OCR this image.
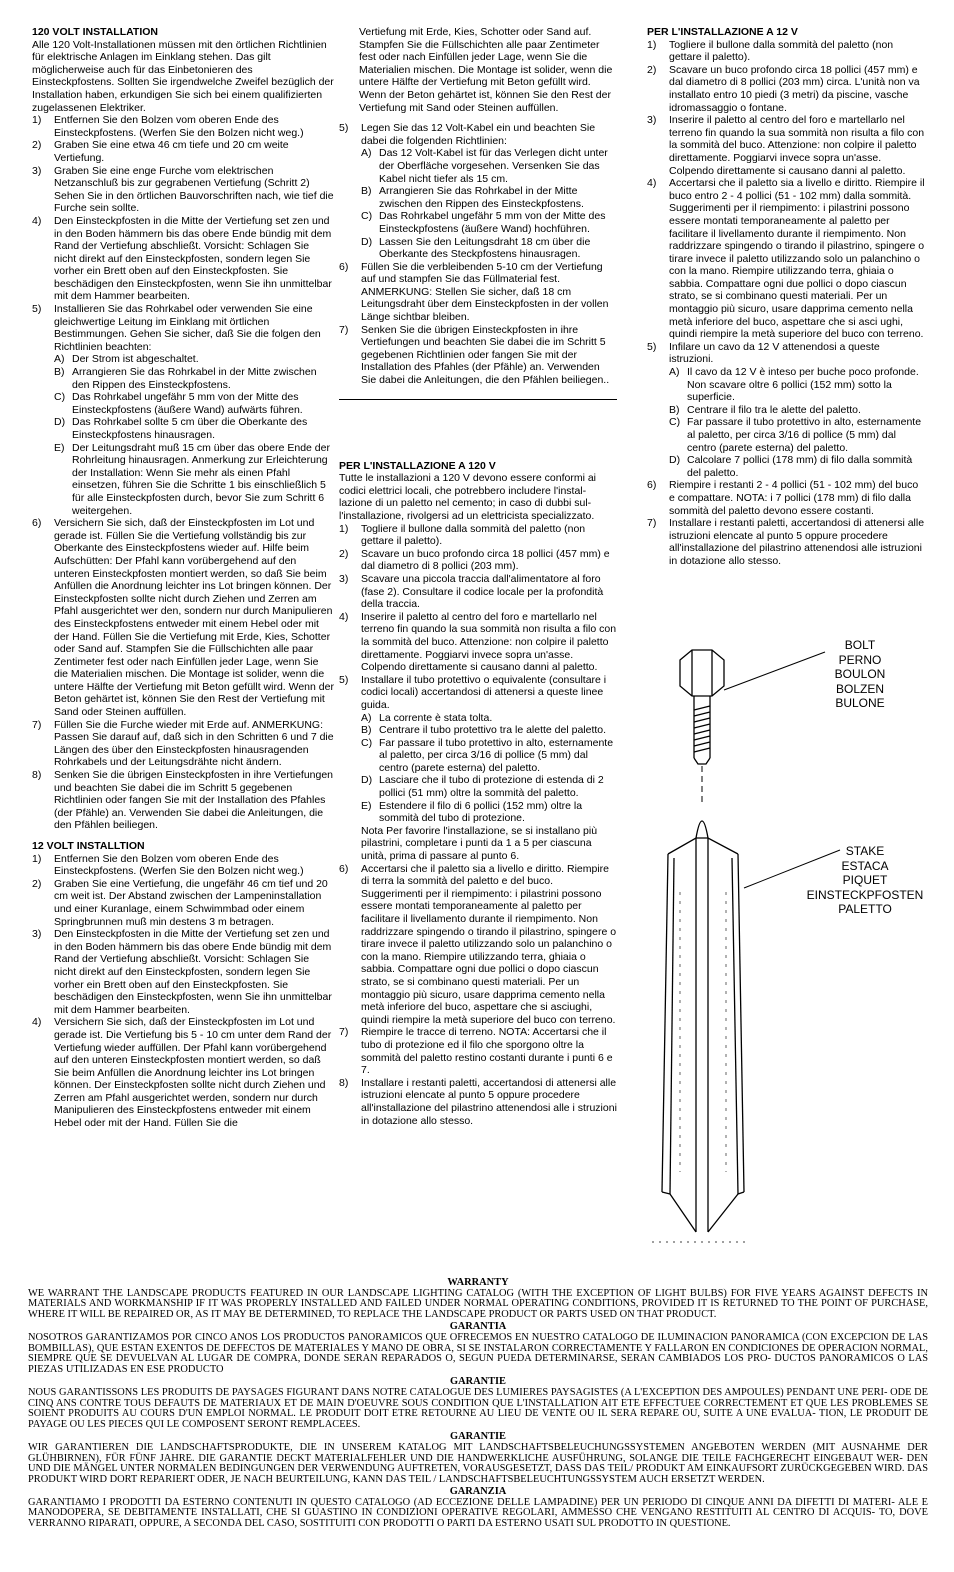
120 VOLT INSTALLATION

Alle 120 Volt-Installationen müssen mit den örtlichen Richtlinien für elektrische Anlagen im Einklang stehen. Das gilt möglicherweise auch für das Einbetonieren des Einsteckpfostens. Sollten Sie irgendwelche Zweifel bezüglich der Installation haben, erkundigen Sie sich bei einem qualifizierten zugelassenen Elektriker.

1)	Entfernen Sie den Bolzen vom oberen Ende des Einsteckpfostens. (Werfen Sie den Bolzen nicht weg.)
2)	Graben Sie eine etwa 46 cm tiefe und 20 cm weite Vertiefung.
3)	Graben Sie eine enge Furche vom elektrischen Netzanschluß bis zur gegrabenen Vertiefung (Schritt 2) Sehen Sie in den örtlichen Bauvorschriften nach, wie tief die Furche sein sollte.
4)	Den Einsteckpfosten in die Mitte der Vertiefung set zen und in den Boden hämmern bis das obere Ende bündig mit dem Rand der Vertiefung abschließt. Vorsicht: Schlagen Sie nicht direkt auf den Einsteckpfosten, sondern legen Sie vorher ein Brett oben auf den Einsteckpfosten. Sie beschädigen den Einsteckpfosten, wenn Sie ihn unmittelbar mit dem Hammer bearbeiten.
5)	Installieren Sie das Rohrkabel oder verwenden Sie eine gleichwertige Leitung im Einklang mit örtlichen Bestimmungen. Gehen Sie sicher, daß Sie die folgen den Richtlinien beachten:
A) Der Strom ist abgeschaltet.
B) Arrangieren Sie das Rohrkabel in der Mitte zwischen den Rippen des Einsteckpfostens.
C) Das Rohrkabel ungefähr 5 mm von der Mitte des Einsteckpfostens (äußere Wand) aufwärts führen.
D) Das Rohrkabel sollte 5 cm über die Oberkante des Einsteckpfostens hinausragen.
E) Der Leitungsdraht muß 15 cm über das obere Ende der Rohrleitung hinausragen. Anmerkung zur Erleichterung der Installation: Wenn Sie mehr als einen Pfahl einsetzen, führen Sie die Schritte 1 bis einschließlich 5 für alle Einsteckpfosten durch, bevor Sie zum Schritt 6 weitergehen.
6)	Versichern Sie sich, daß der Einsteckpfosten im Lot und gerade ist. Füllen Sie die Vertiefung vollständig bis zur Oberkante des Einsteckpfostens wieder auf. Hilfe beim Aufschütten: Der Pfahl kann vorübergehend auf den unteren Einsteckpfosten montiert werden, so daß Sie beim Anfüllen die Anordnung leichter ins Lot bringen können. Der Einsteckpfosten sollte nicht durch Ziehen und Zerren am Pfahl ausgerichtet wer den, sondern nur durch Manipulieren des Einsteckpfostens entweder mit einem Hebel oder mit der Hand. Füllen Sie die Vertiefung mit Erde, Kies, Schotter oder Sand auf. Stampfen Sie die Füllschichten alle paar Zentimeter fest oder nach Einfüllen jeder Lage, wenn Sie die Materialien mischen. Die Montage ist solider, wenn die untere Hälfte der Vertiefung mit Beton gefüllt wird. Wenn der Beton gehärtet ist, können Sie den Rest der Vertiefung mit Sand oder Steinen auffüllen.
7)	Füllen Sie die Furche wieder mit Erde auf. ANMERKUNG: Passen Sie darauf auf, daß sich in den Schritten 6 und 7 die Längen des über den Einsteckpfosten hinausragenden Rohrkabels und der Leitungsdrähte nicht ändern.
8)	Senken Sie die übrigen Einsteckpfosten in ihre Vertiefungen und beachten Sie dabei die im Schritt 5 gegebenen Richtlinien oder fangen Sie mit der Installation des Pfahles (der Pfähle) an. Verwenden Sie dabei die Anleitungen, die den Pfählen beiliegen.

12 VOLT INSTALLTION

1)	Entfernen Sie den Bolzen vom oberen Ende des Einsteckpfostens. (Werfen Sie den Bolzen nicht weg.)
2)	Graben Sie eine Vertiefung, die ungefähr 46 cm tief und 20 cm weit ist. Der Abstand zwischen der Lampeninstallation und einer Kuranlage, einem Schwimmbad oder einem Springbrunnen muß min destens 3 m betragen.
3)	Den Einsteckpfosten in die Mitte der Vertiefung set zen und in den Boden hämmern bis das obere Ende bündig mit dem Rand der Vertiefung abschließt. Vorsicht: Schlagen Sie nicht direkt auf den Einsteckpfosten, sondern legen Sie vorher ein Brett oben auf den Einsteckpfosten. Sie beschädigen den Einsteckpfosten, wenn Sie ihn unmittelbar mit dem Hammer bearbeiten.
4)	Versichern Sie sich, daß der Einsteckpfosten im Lot und gerade ist. Die Vertiefung bis 5 - 10 cm unter dem Rand der Vertiefung wieder auffüllen. Der Pfahl kann vorübergehend auf den unteren Einsteckpfosten montiert werden, so daß Sie beim Anfüllen die Anordnung leichter ins Lot bringen können. Der Einsteckpfosten sollte nicht durch Ziehen und Zerren am Pfahl ausgerichtet werden, sondern nur durch Manipulieren des Einsteckpfostens entweder mit einem Hebel oder mit der Hand. Füllen Sie die

Vertiefung mit Erde, Kies, Schotter oder Sand auf. Stampfen Sie die Füllschichten alle paar Zentimeter fest oder nach Einfüllen jeder Lage, wenn Sie die Materialien mischen. Die Montage ist solider, wenn die untere Hälfte der Vertiefung mit Beton gefüllt wird. Wenn der Beton gehärtet ist, können Sie den Rest der Vertiefung mit Sand oder Steinen auffüllen.

5)	Legen Sie das 12 Volt-Kabel ein und beachten Sie dabei die folgenden Richtlinien:
A) Das 12 Volt-Kabel ist für das Verlegen dicht unter der Oberfläche vorgesehen. Versenken Sie das Kabel nicht tiefer als 15 cm.
B) Arrangieren Sie das Rohrkabel in der Mitte zwischen den Rippen des Einsteckpfostens.
C) Das Rohrkabel ungefähr 5 mm von der Mitte des Einsteckpfostens (äußere Wand) hochführen.
D) Lassen Sie den Leitungsdraht 18 cm über die Oberkante des Steckpfostens hinausragen.
6)	Füllen Sie die verbleibenden 5-10 cm der Vertiefung auf und stampfen Sie das Füllmaterial fest. ANMERKUNG: Stellen Sie sicher, daß 18 cm Leitungsdraht über dem Einsteckpfosten in der vollen Länge sichtbar bleiben.
7)	Senken Sie die übrigen Einsteckpfosten in ihre Vertiefungen und beachten Sie dabei die im Schritt 5 gegebenen Richtlinien oder fangen Sie mit der Installation des Pfahles (der Pfähle) an. Verwenden Sie dabei die Anleitungen, die den Pfählen beiliegen..

PER L'INSTALLAZIONE A 120 V

Tutte le installazioni a 120 V devono essere conformi ai codici elettrici locali, che potrebbero includere l'instal- lazione di un paletto nel cemento; in caso di dubbi sul- l'installazione, rivolgersi ad un elettricista specializzato.

1)	Togliere il bullone dalla sommità del paletto (non gettare il paletto).
2)	Scavare un buco profondo circa 18 pollici (457 mm) e dal diametro di 8 pollici (203 mm).
3)	Scavare una piccola traccia dall'alimentatore al foro (fase 2). Consultare il codice locale per la profondità della traccia.
4)	Inserire il paletto al centro del foro e martellarlo nel terreno fin quando la sua sommità non risulta a filo con la sommità del buco. Attenzione: non colpire il paletto direttamente. Poggiarvi invece sopra un'asse. Colpendo direttamente si causano danni al paletto.
5)	Installare il tubo protettivo o equivalente (consultare i codici locali) accertandosi di attenersi a queste linee guida.
A) La corrente è stata tolta.
B) Centrare il tubo protettivo tra le alette del paletto.
C) Far passare il tubo protettivo in alto, esternamente al paletto, per circa 3/16 di pollice (5 mm) dal centro (parete esterna) del paletto.
D) Lasciare che il tubo di protezione di estenda di 2 pollici (51 mm) oltre la sommità del paletto.
E) Estendere il filo di 6 pollici (152 mm) oltre la sommità del tubo di protezione.

Nota Per favorire l'installazione, se si installano più pilastrini, completare i punti da 1 a 5 per ciascuna unità, prima di passare al punto 6.

6)	Accertarsi che il paletto sia a livello e diritto. Riempire di terra la sommità del paletto e del buco. Suggerimenti per il riempimento: i pilastrini possono essere montati temporaneamente al paletto per facilitare il livellamento durante il riempimento. Non raddrizzare spingendo o tirando il pilastrino, spingere o tirare invece il paletto utilizzando solo un palanchino o con la mano. Riempire utilizzando terra, ghiaia o sabbia. Compattare ogni due pollici o dopo ciascun strato, se si combinano questi materiali. Per un montaggio più sicuro, usare dapprima cemento nella metà inferiore del buco, aspettare che si asciughi, quindi riempire la metà superiore del buco con terreno.
7)	Riempire le tracce di terreno. NOTA: Accertarsi che il tubo di protezione ed il filo che sporgono oltre la sommità del paletto restino costanti durante i punti 6 e 7.
8)	Installare i restanti paletti, accertandosi di attenersi alle istruzioni elencate al punto 5 oppure procedere all'installazione del pilastrino attenendosi alle i struzioni in dotazione allo stesso.

PER L'INSTALLAZIONE A 12 V

1)	Togliere il bullone dalla sommità del paletto (non gettare il paletto).
2)	Scavare un buco profondo circa 18 pollici (457 mm) e dal diametro di 8 pollici (203 mm) circa. L'unità non va installato entro 10 piedi (3 metri) da piscine, vasche idromassaggio o fontane.
3)	Inserire il paletto al centro del foro e martellarlo nel terreno fin quando la sua sommità non risulta a filo con la sommità del buco. Attenzione: non colpire il paletto direttamente. Poggiarvi invece sopra un'asse. Colpendo direttamente si causano danni al paletto.
4)	Accertarsi che il paletto sia a livello e diritto. Riempire il buco entro 2 - 4 pollici (51 - 102 mm) dalla sommità. Suggerimenti per il riempimento: i pilastrini possono essere montati temporaneamente al paletto per facilitare il livellamento durante il riempimento. Non raddrizzare spingendo o tirando il pilastrino, spingere o tirare invece il paletto utilizzando solo un palanchino o con la mano. Riempire utilizzando terra, ghiaia o sabbia. Compattare ogni due pollici o dopo ciascun strato, se si combinano questi materiali. Per un montaggio più sicuro, usare dapprima cemento nella metà inferiore del buco, aspettare che si asci ughi, quindi riempire la metà superiore del buco con terreno.
5)	Infilare un cavo da 12 V attenendosi a queste istruzioni.
A) Il cavo da 12 V è inteso per buche poco profonde. Non scavare oltre 6 pollici (152 mm) sotto la superficie.
B) Centrare il filo tra le alette del paletto.
C) Far passare il tubo protettivo in alto, esternamente al paletto, per circa 3/16 di pollice (5 mm) dal centro (parete esterna) del paletto.
D) Calcolare 7 pollici (178 mm) di filo dalla sommità del paletto.
6)	Riempire i restanti 2 - 4 pollici (51 - 102 mm) del buco e compattare. NOTA: i 7 pollici (178 mm) di filo dalla sommità del paletto devono essere costanti.
7)	Installare i restanti paletti, accertandosi di attenersi alle istruzioni elencate al punto 5 oppure procedere all'installazione del pilastrino attenendosi alle istruzioni in dotazione allo stesso.
BOLT
PERNO
BOULON
BOLZEN
BULONE
STAKE
ESTACA
PIQUET
EINSTECKPFOSTEN
PALETTO

WARRANTY

WE WARRANT THE LANDSCAPE PRODUCTS FEATURED IN OUR LANDSCAPE LIGHTING CATALOG (WITH THE EXCEPTION OF LIGHT BULBS) FOR FIVE YEARS AGAINST DEFECTS IN MATERIALS AND WORKMANSHIP IF IT WAS PROPERLY INSTALLED AND FAILED UNDER NORMAL OPERATING CONDITIONS, PROVIDED IT IS RETURNED TO THE POINT OF PURCHASE, WHERE IT WILL BE REPAIRED OR, AS IT MAY BE DETERMINED, TO REPLACE THE LANDSCAPE PRODUCT OR PARTS USED ON THAT PRODUCT.

GARANTIA

NOSOTROS GARANTIZAMOS POR CINCO ANOS LOS PRODUCTOS PANORAMICOS QUE OFRECEMOS EN NUESTRO CATALOGO DE ILUMINACION PANORAMICA (CON EXCEPCION DE LAS BOMBILLAS), QUE ESTAN EXENTOS DE DEFECTOS DE MATERIALES Y MANO DE OBRA, SI SE INSTALARON CORRECTAMENTE Y FALLARON EN CONDICIONES DE OPERACION NORMAL, SIEMPRE QUE SE DEVUELVAN AL LUGAR DE COMPRA, DONDE SERAN REPARADOS O, SEGUN PUEDA DETERMINARSE, SERAN CAMBIADOS LOS PRO- DUCTOS PANORAMICOS O LAS PIEZAS UTILIZADAS EN ESE PRODUCTO

GARANTIE

NOUS GARANTISSONS LES PRODUITS DE PAYSAGES FIGURANT DANS NOTRE CATALOGUE DES LUMIERES PAYSAGISTES (A L'EXCEPTION DES AMPOULES) PENDANT UNE PERI- ODE DE CINQ ANS CONTRE TOUS DEFAUTS DE MATERIAUX ET DE MAIN D'OEUVRE SOUS CONDITION QUE L'INSTALLATION AIT ETE EFFECTUEE CORRECTEMENT ET QUE LES PROBLEMES SE SOIENT PRODUITS AU COURS D'UN EMPLOI NORMAL. LE PRODUIT DOIT ETRE RETOURNE AU LIEU DE VENTE OU IL SERA REPARE OU, SUITE A UNE EVALUA- TION, LE PRODUIT DE PAYAGE OU LES PIECES QUI LE COMPOSENT SERONT REMPLACEES.

GARANTIE

WIR GARANTIEREN DIE LANDSCHAFTSPRODUKTE, DIE IN UNSEREM KATALOG MIT LANDSCHAFTSBELEUCHUNGSSYSTEMEN ANGEBOTEN WERDEN (MIT AUSNAHME DER GLÜHBIRNEN), FÜR FÜNF JAHRE. DIE GARANTIE DECKT MATERIALFEHLER UND DIE HANDWERKLICHE AUSFÜHRUNG, SOLANGE DIE TEILE FACHGERECHT EINGEBAUT WER- DEN UND DIE MÄNGEL UNTER NORMALEN BEDINGUNGEN DER VERWENDUNG AUFTRETEN, VORAUSGESETZT, DASS DAS TEIL/ PRODUKT AM EINKAUFSORT ZURÜCKGEGEBEN WIRD. DAS PRODUKT WIRD DORT REPARIERT ODER, JE NACH BEURTEILUNG, KANN DAS TEIL / LANDSCHAFTSBELEUCHTUNGSSYSTEM AUCH ERSETZT WERDEN.

GARANZIA

GARANTIAMO I PRODOTTI DA ESTERNO CONTENUTI IN QUESTO CATALOGO (AD ECCEZIONE DELLE LAMPADINE) PER UN PERIODO DI CINQUE ANNI DA DIFETTI DI MATERI- ALE E MANODOPERA, SE DEBITAMENTE INSTALLATI, CHE SI GUASTINO IN CONDIZIONI OPERATIVE REGOLARI, AMMESSO CHE VENGANO RESTITUITI AL CENTRO DI ACQUIS- TO, DOVE VERRANNO RIPARATI, OPPURE, A SECONDA DEL CASO, SOSTITUITI CON PRODOTTI O PARTI DA ESTERNO USATI SUL PRODOTTO IN QUESTIONE.
